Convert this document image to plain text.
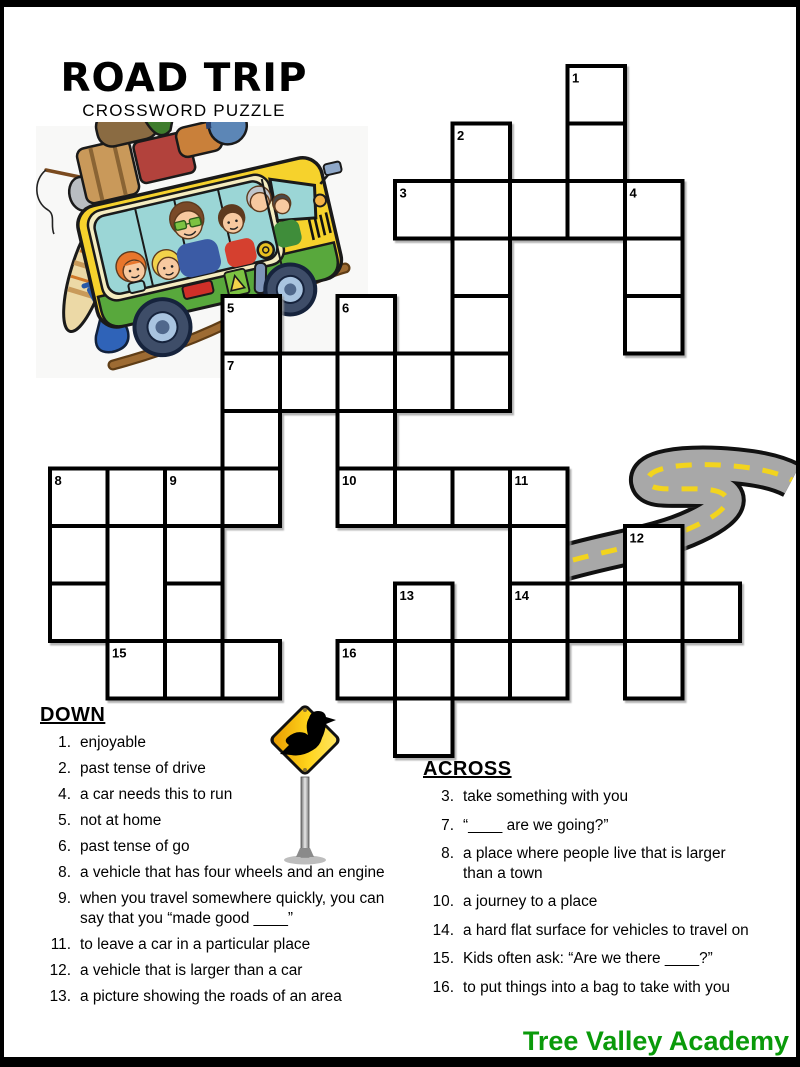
ROAD TRIP
CROSSWORD PUZZLE
1
2
3	4
5	6
7
8	9	10	11
12
13	14
15	16
DOWN
1. enjoyable
2. past tense of drive
4. a car needs this to run
5. not at home
6. past tense of go
8. a vehicle that has four wheels and an engine
9. when you travel somewhere quickly, you can
say that you “made good ____”
11. to leave a car in a particular place
12. a vehicle that is larger than a car
13. a picture showing the roads of an area
ACROSS
3. take something with you
7. “____ are we going?”
8. a place where people live that is larger
than a town
10. a journey to a place
14. a hard flat surface for vehicles to travel on
15. Kids often ask: “Are we there ____?”
16. to put things into a bag to take with you
Tree Valley Academy
